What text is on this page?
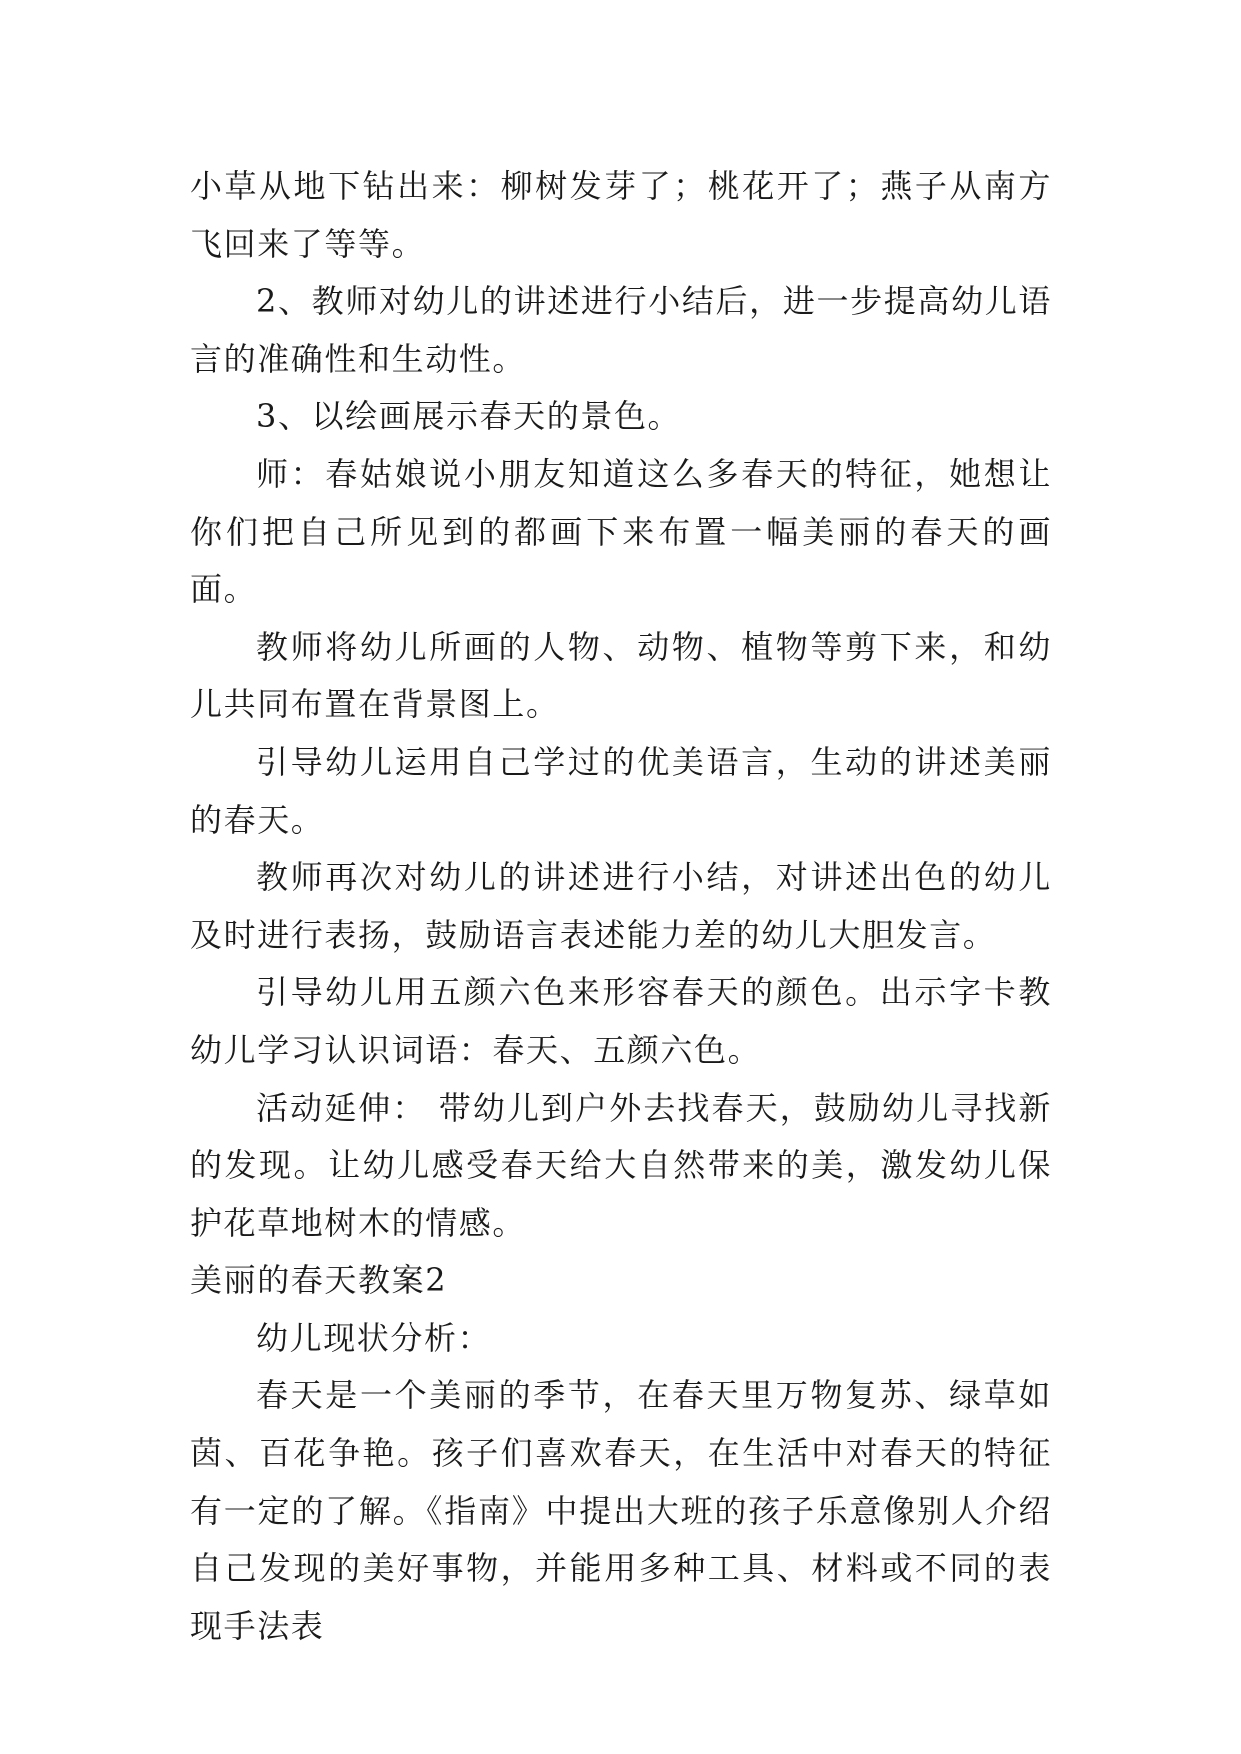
小草从地下钻出来：柳树发芽了；桃花开了；燕子从南方飞回来了等等。

2、教师对幼儿的讲述进行小结后，进一步提高幼儿语言的准确性和生动性。

3、以绘画展示春天的景色。

师：春姑娘说小朋友知道这么多春天的特征，她想让你们把自己所见到的都画下来布置一幅美丽的春天的画面。

教师将幼儿所画的人物、动物、植物等剪下来，和幼儿共同布置在背景图上。

引导幼儿运用自己学过的优美语言，生动的讲述美丽的春天。

教师再次对幼儿的讲述进行小结，对讲述出色的幼儿及时进行表扬，鼓励语言表述能力差的幼儿大胆发言。

引导幼儿用五颜六色来形容春天的颜色。出示字卡教幼儿学习认识词语：春天、五颜六色。

活动延伸： 带幼儿到户外去找春天，鼓励幼儿寻找新的发现。让幼儿感受春天给大自然带来的美，激发幼儿保护花草地树木的情感。

美丽的春天教案2

幼儿现状分析：

春天是一个美丽的季节，在春天里万物复苏、绿草如茵、百花争艳。孩子们喜欢春天，在生活中对春天的特征有一定的了解。《指南》中提出大班的孩子乐意像别人介绍自己发现的美好事物，并能用多种工具、材料或不同的表现手法表
